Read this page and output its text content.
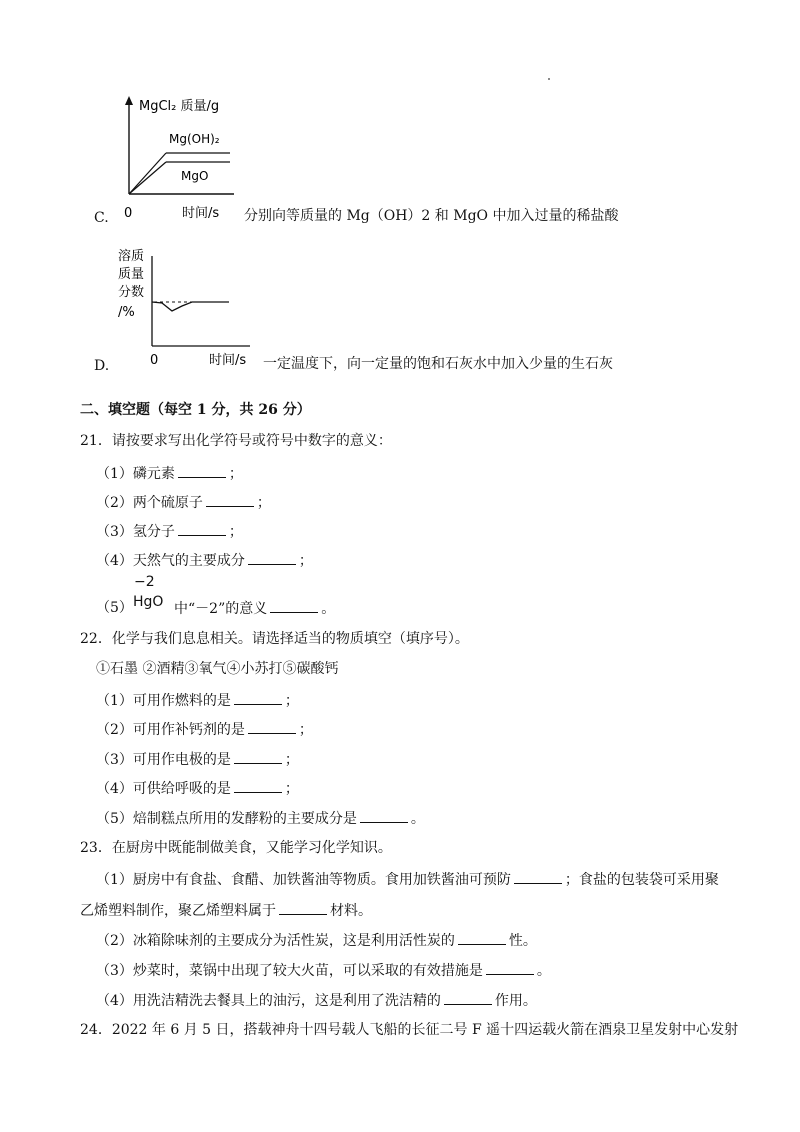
MgCl₂ 质量/g
Mg(OH)₂
MgO
0	时间/s
C.	分别向等质量的 Mg（OH）2 和 MgO 中加入过量的稀盐酸
溶质
质量
分数
/%
0	时间/s
D.	一定温度下，向一定量的饱和石灰水中加入少量的生石灰
二、填空题（每空 1 分，共 26 分）
21．请按要求写出化学符号或符号中数字的意义：
（1）磷元素	；
（2）两个硫原子	；
（3）氢分子	；
（4）天然气的主要成分	；
−2
（5） HgO 中“－2”的意义	。
22．化学与我们息息相关。请选择适当的物质填空（填序号）。
①石墨 ②酒精③氧气④小苏打⑤碳酸钙
（1）可用作燃料的是	；
（2）可用作补钙剂的是	；
（3）可用作电极的是	；
（4）可供给呼吸的是	；
（5）焙制糕点所用的发酵粉的主要成分是	。
23．在厨房中既能制做美食，又能学习化学知识。
（1）厨房中有食盐、食醋、加铁酱油等物质。食用加铁酱油可预防	；食盐的包装袋可采用聚
乙烯塑料制作，聚乙烯塑料属于	材料。
（2）冰箱除味剂的主要成分为活性炭，这是利用活性炭的	性。
（3）炒菜时，菜锅中出现了较大火苗，可以采取的有效措施是	。
（4）用洗洁精洗去餐具上的油污，这是利用了洗洁精的	作用。
24．2022 年 6 月 5 日，搭载神舟十四号载人飞船的长征二号 F 遥十四运载火箭在酒泉卫星发射中心发射
